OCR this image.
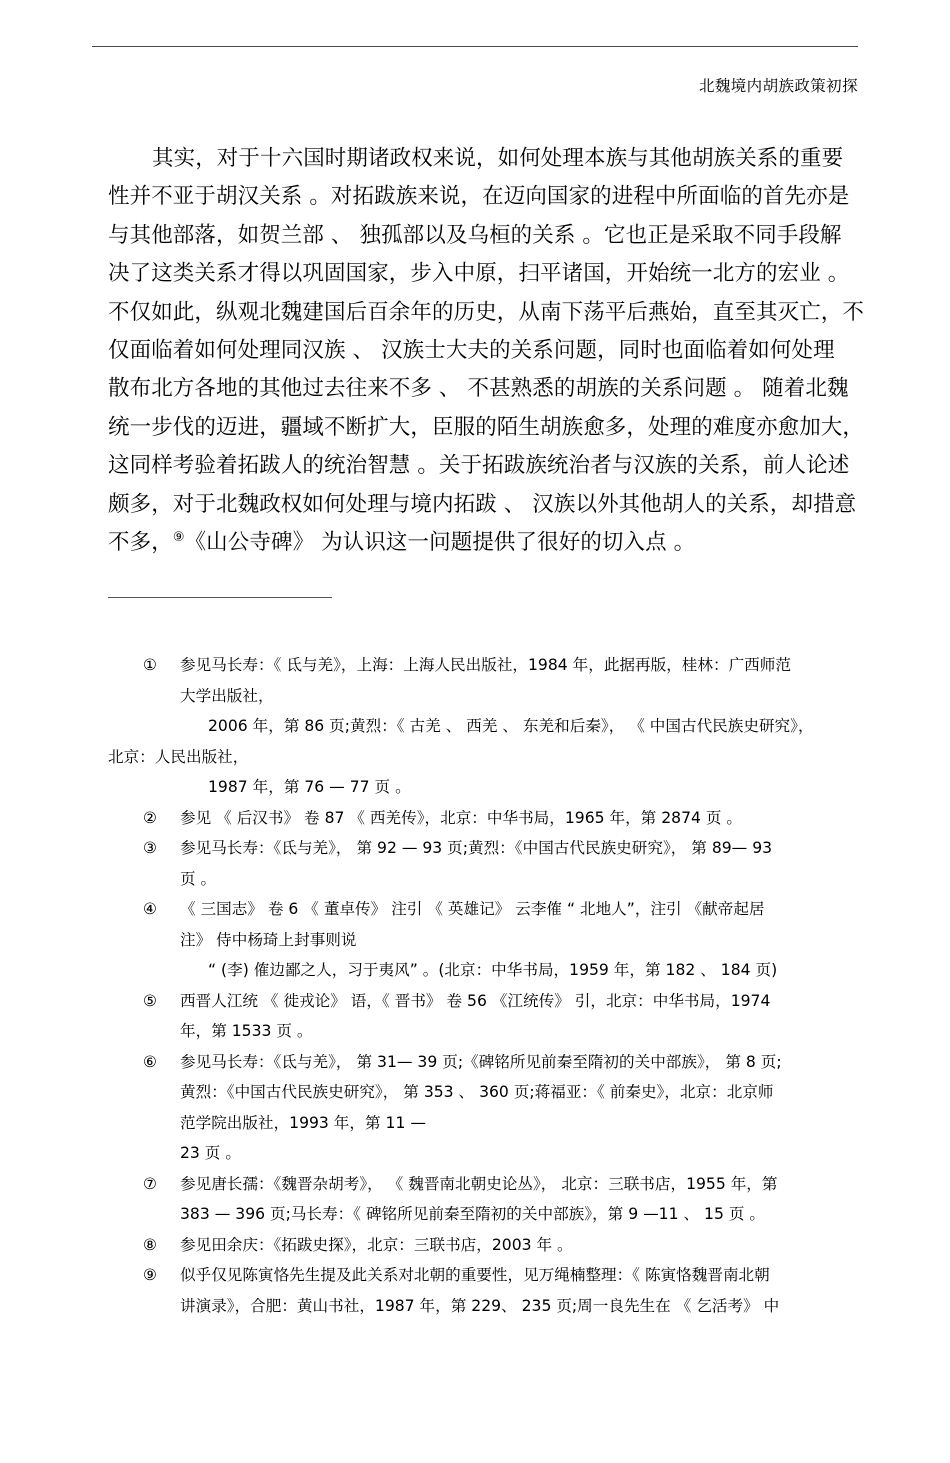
北魏境内胡族政策初探
其实，对于十六国时期诸政权来说，如何处理本族与其他胡族关系的重要
性并不亚于胡汉关系 。对拓跋族来说，在迈向国家的进程中所面临的首先亦是
与其他部落，如贺兰部 、 独孤部以及乌桓的关系 。它也正是采取不同手段解
决了这类关系才得以巩固国家，步入中原，扫平诸国，开始统一北方的宏业 。
不仅如此，纵观北魏建国后百余年的历史，从南下荡平后燕始，直至其灭亡，不
仅面临着如何处理同汉族 、 汉族士大夫的关系问题，同时也面临着如何处理
散布北方各地的其他过去往来不多 、 不甚熟悉的胡族的关系问题 。 随着北魏
统一步伐的迈进，疆域不断扩大，臣服的陌生胡族愈多，处理的难度亦愈加大，
这同样考验着拓跋人的统治智慧 。关于拓跋族统治者与汉族的关系，前人论述
颇多，对于北魏政权如何处理与境内拓跋 、 汉族以外其他胡人的关系，却措意
不多，⑨《山公寺碑》 为认识这一问题提供了很好的切入点 。
①	参见马长寿：《 氐与羌》，上海：上海人民出版社，1984 年，此据再版，桂林：广西师范
大学出版社，
2006 年，第 86 页;黄烈：《 古羌 、 西羌 、 东羌和后秦》， 《 中国古代民族史研究》，
北京：人民出版社，
1987 年，第 76 — 77 页 。
②	参见 《 后汉书》 卷 87 《 西羌传》，北京：中华书局，1965 年，第 2874 页 。
③	参见马长寿：《氐与羌》， 第 92 — 93 页;黄烈：《中国古代民族史研究》， 第 89— 93
页 。
④	《 三国志》 卷 6 《 董卓传》 注引 《 英雄记》 云李傕 “ 北地人”，注引 《献帝起居
注》 侍中杨琦上封事则说
“ (李) 傕边鄙之人，习于夷风” 。(北京：中华书局，1959 年，第 182 、 184 页)
⑤	西晋人江统 《 徙戎论》 语，《 晋书》 卷 56 《江统传》 引，北京：中华书局，1974
年，第 1533 页 。
⑥	参见马长寿：《氐与羌》， 第 31— 39 页;《碑铭所见前秦至隋初的关中部族》， 第 8 页;
黄烈：《中国古代民族史研究》， 第 353 、 360 页;蒋福亚：《 前秦史》，北京：北京师
范学院出版社，1993 年，第 11 —
23 页 。
⑦	参见唐长孺：《魏晋杂胡考》， 《 魏晋南北朝史论丛》， 北京：三联书店，1955 年，第
383 — 396 页;马长寿：《 碑铭所见前秦至隋初的关中部族》，第 9 —11 、 15 页 。
⑧	参见田余庆：《拓跋史探》，北京：三联书店，2003 年 。
⑨	似乎仅见陈寅恪先生提及此关系对北朝的重要性，见万绳楠整理：《 陈寅恪魏晋南北朝
讲演录》，合肥：黄山书社，1987 年，第 229、 235 页;周一良先生在 《 乞活考》 中
